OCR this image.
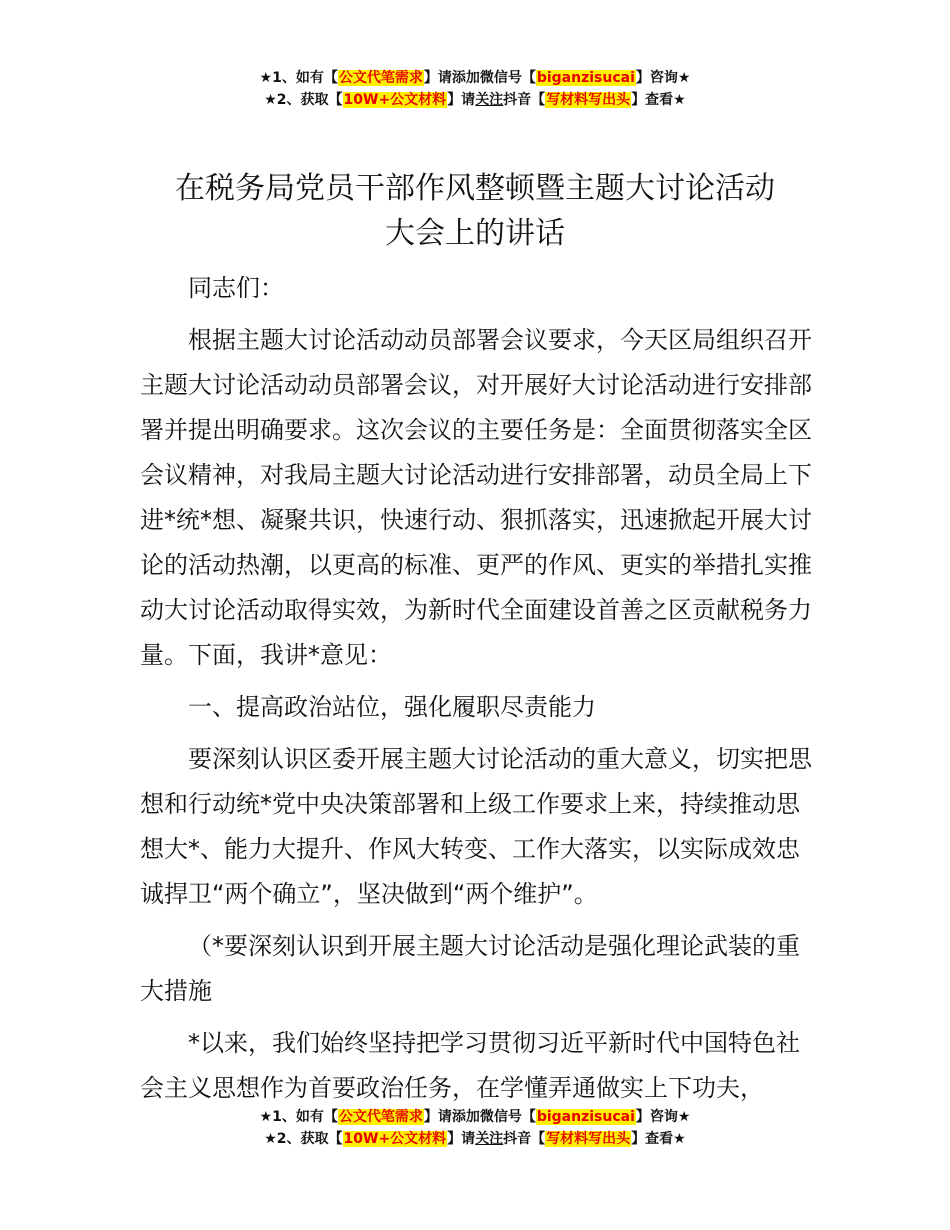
★1、如有【公文代笔需求】请添加微信号【biganzisucai】咨询★
★2、获取【10W+公文材料】请关注抖音【写材料写出头】查看★
在税务局党员干部作风整顿暨主题大讨论活动
大会上的讲话

同志们：

根据主题大讨论活动动员部署会议要求，今天区局组织召开主题大讨论活动动员部署会议，对开展好大讨论活动进行安排部署并提出明确要求。这次会议的主要任务是：全面贯彻落实全区会议精神，对我局主题大讨论活动进行安排部署，动员全局上下进*统*想、凝聚共识，快速行动、狠抓落实，迅速掀起开展大讨论的活动热潮，以更高的标准、更严的作风、更实的举措扎实推动大讨论活动取得实效，为新时代全面建设首善之区贡献税务力量。下面，我讲*意见：

一、提高政治站位，强化履职尽责能力

要深刻认识区委开展主题大讨论活动的重大意义，切实把思想和行动统*党中央决策部署和上级工作要求上来，持续推动思想大*、能力大提升、作风大转变、工作大落实，以实际成效忠诚捍卫“两个确立”，坚决做到“两个维护”。

（*要深刻认识到开展主题大讨论活动是强化理论武装的重大措施

*以来，我们始终坚持把学习贯彻习近平新时代中国特色社会主义思想作为首要政治任务，在学懂弄通做实上下功夫，

★1、如有【公文代笔需求】请添加微信号【biganzisucai】咨询★
★2、获取【10W+公文材料】请关注抖音【写材料写出头】查看★
